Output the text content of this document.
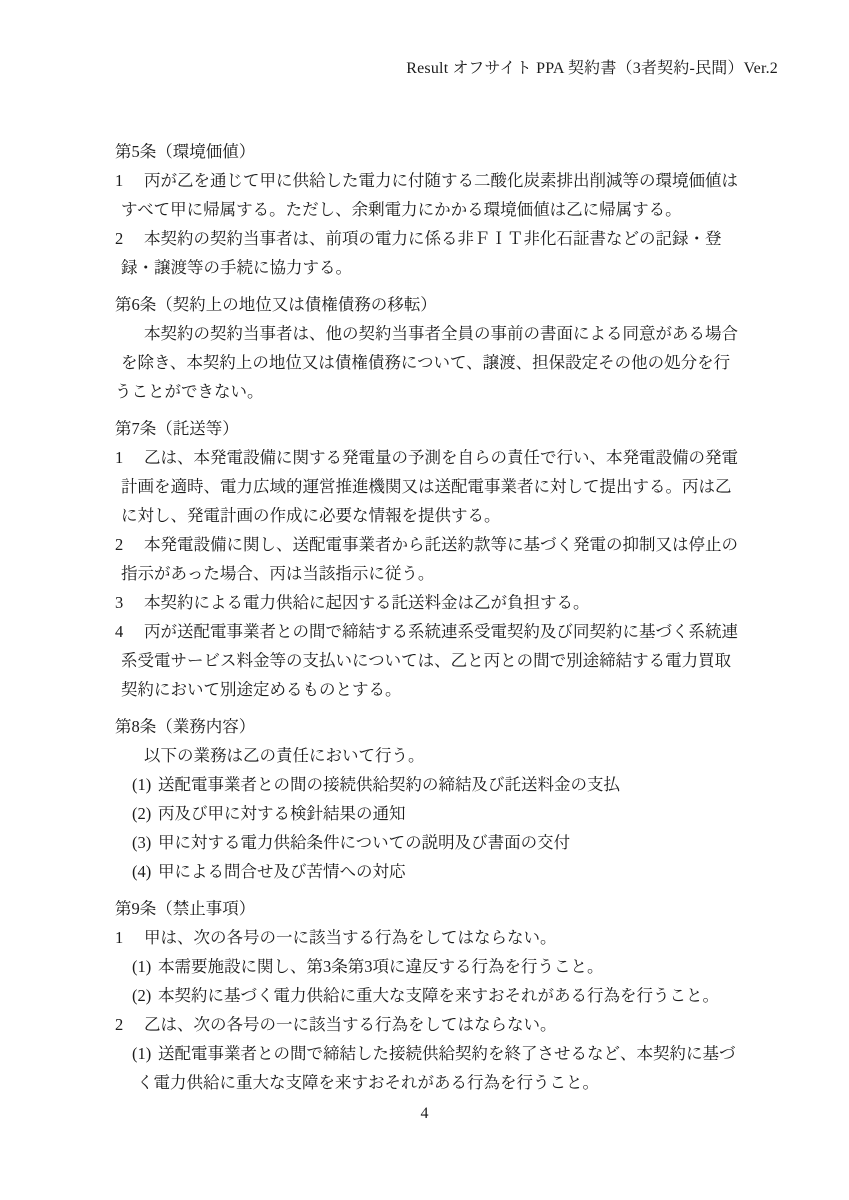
Result オフサイト PPA 契約書（3者契約-民間）Ver.2
第5条（環境価値）
1 丙が乙を通じて甲に供給した電力に付随する二酸化炭素排出削減等の環境価値は
すべて甲に帰属する。ただし、余剰電力にかかる環境価値は乙に帰属する。
2 本契約の契約当事者は、前項の電力に係る非ＦＩＴ非化石証書などの記録・登
録・譲渡等の手続に協力する。
第6条（契約上の地位又は債権債務の移転）
本契約の契約当事者は、他の契約当事者全員の事前の書面による同意がある場合
を除き、本契約上の地位又は債権債務について、譲渡、担保設定その他の処分を行
うことができない。
第7条（託送等）
1 乙は、本発電設備に関する発電量の予測を自らの責任で行い、本発電設備の発電
計画を適時、電力広域的運営推進機関又は送配電事業者に対して提出する。丙は乙
に対し、発電計画の作成に必要な情報を提供する。
2 本発電設備に関し、送配電事業者から託送約款等に基づく発電の抑制又は停止の
指示があった場合、丙は当該指示に従う。
3 本契約による電力供給に起因する託送料金は乙が負担する。
4 丙が送配電事業者との間で締結する系統連系受電契約及び同契約に基づく系統連
系受電サービス料金等の支払いについては、乙と丙との間で別途締結する電力買取
契約において別途定めるものとする。
第8条（業務内容）
以下の業務は乙の責任において行う。
(1) 送配電事業者との間の接続供給契約の締結及び託送料金の支払
(2) 丙及び甲に対する検針結果の通知
(3) 甲に対する電力供給条件についての説明及び書面の交付
(4) 甲による問合せ及び苦情への対応
第9条（禁止事項）
1 甲は、次の各号の一に該当する行為をしてはならない。
(1) 本需要施設に関し、第3条第3項に違反する行為を行うこと。
(2) 本契約に基づく電力供給に重大な支障を来すおそれがある行為を行うこと。
2 乙は、次の各号の一に該当する行為をしてはならない。
(1) 送配電事業者との間で締結した接続供給契約を終了させるなど、本契約に基づ
く電力供給に重大な支障を来すおそれがある行為を行うこと。
4
